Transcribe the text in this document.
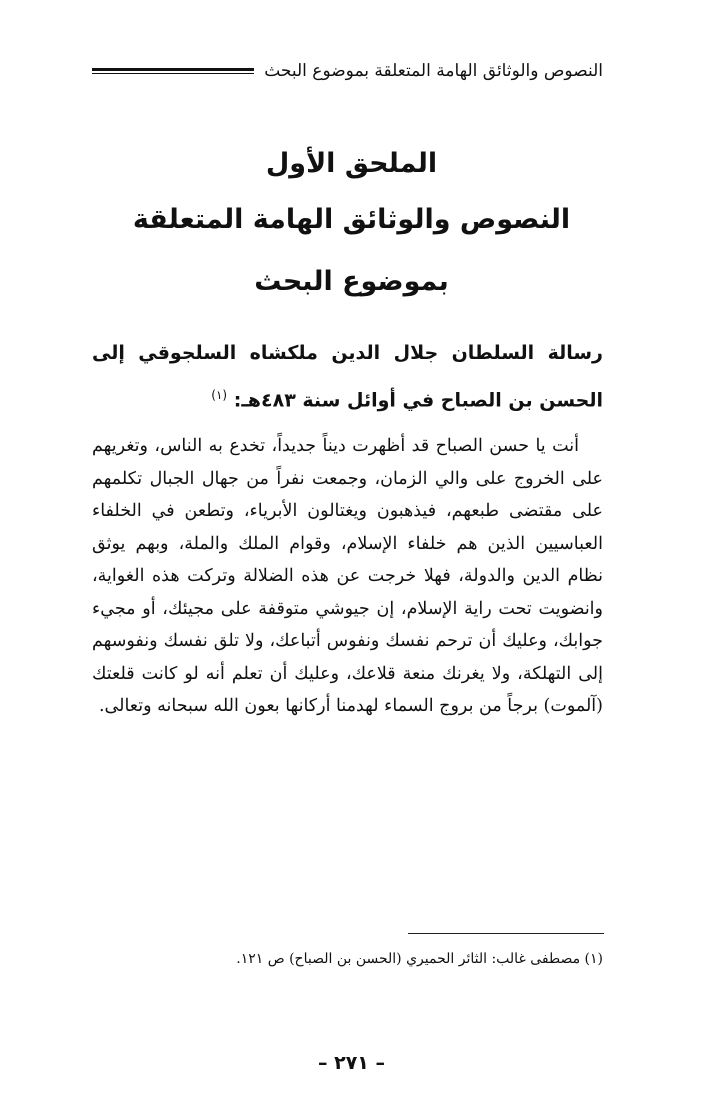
النصوص والوثائق الهامة المتعلقة بموضوع البحث
الملحق الأول
النصوص والوثائق الهامة المتعلقة
بموضوع البحث
رسالة السلطان جلال الدين ملكشاه السلجوقي إلى الحسن بن الصباح في أوائل سنة ٤٨٣هـ: $^{(١)}$
أنت يا حسن الصباح قد أظهرت ديناً جديداً، تخدع به الناس، وتغريهم على الخروج على والي الزمان، وجمعت نفراً من جهال الجبال تكلمهم على مقتضى طبعهم، فيذهبون ويغتالون الأبرياء، وتطعن في الخلفاء العباسيين الذين هم خلفاء الإسلام، وقوام الملك والملة، وبهم يوثق نظام الدين والدولة، فهلا خرجت عن هذه الضلالة وتركت هذه الغواية، وانضويت تحت راية الإسلام، إن جيوشي متوقفة على مجيئك، أو مجيء جوابك، وعليك أن ترحم نفسك ونفوس أتباعك، ولا تلق نفسك ونفوسهم إلى التهلكة، ولا يغرنك منعة قلاعك، وعليك أن تعلم أنه لو كانت قلعتك (آلموت) برجاً من بروج السماء لهدمنا أركانها بعون الله سبحانه وتعالى.
(١) مصطفى غالب: الثائر الحميري (الحسن بن الصباح) ص ١٢١.
– ٢٧١ –
